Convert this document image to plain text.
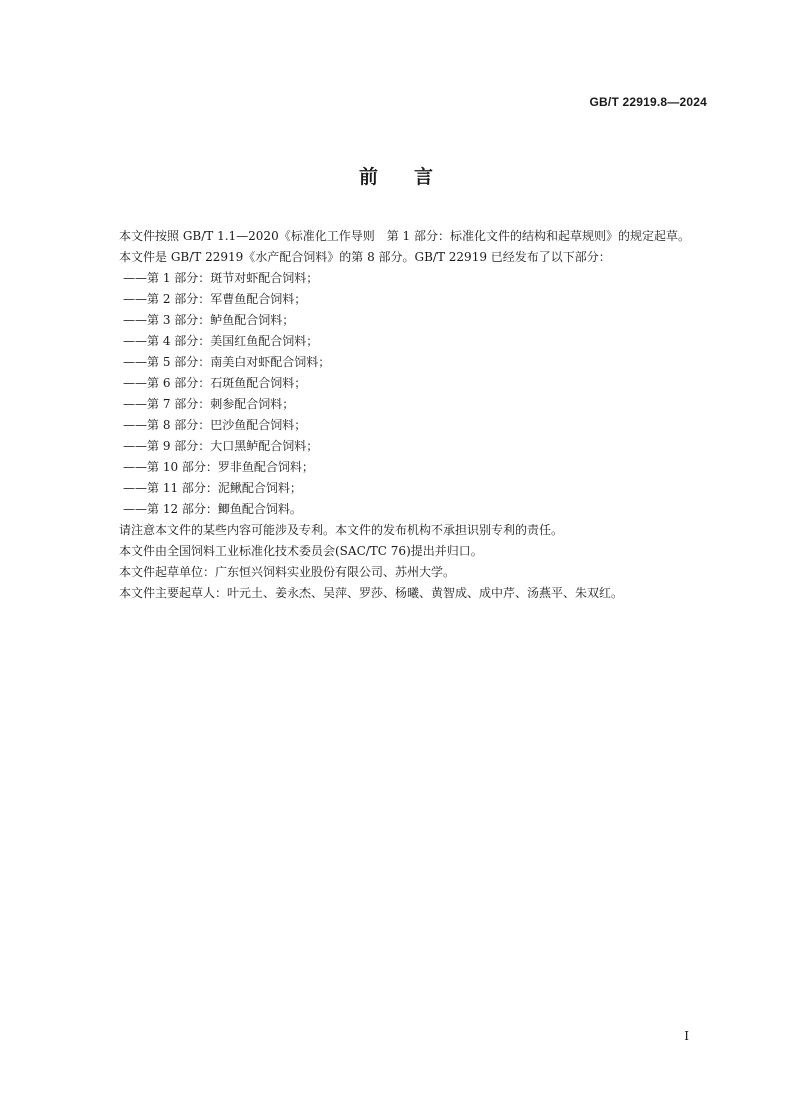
GB/T 22919.8—2024
前 言

本文件按照 GB/T 1.1—2020《标准化工作导则　第 1 部分：标准化文件的结构和起草规则》的规定起草。

本文件是 GB/T 22919《水产配合饲料》的第 8 部分。GB/T 22919 已经发布了以下部分：

——第 1 部分：斑节对虾配合饲料；
——第 2 部分：军曹鱼配合饲料；
——第 3 部分：鲈鱼配合饲料；
——第 4 部分：美国红鱼配合饲料；
——第 5 部分：南美白对虾配合饲料；
——第 6 部分：石斑鱼配合饲料；
——第 7 部分：刺参配合饲料；
——第 8 部分：巴沙鱼配合饲料；
——第 9 部分：大口黑鲈配合饲料；
——第 10 部分：罗非鱼配合饲料；
——第 11 部分：泥鳅配合饲料；
——第 12 部分：鲫鱼配合饲料。

请注意本文件的某些内容可能涉及专利。本文件的发布机构不承担识别专利的责任。

本文件由全国饲料工业标准化技术委员会(SAC/TC 76)提出并归口。

本文件起草单位：广东恒兴饲料实业股份有限公司、苏州大学。

本文件主要起草人：叶元土、姜永杰、吴萍、罗莎、杨曦、黄智成、成中芹、汤燕平、朱双红。

I
